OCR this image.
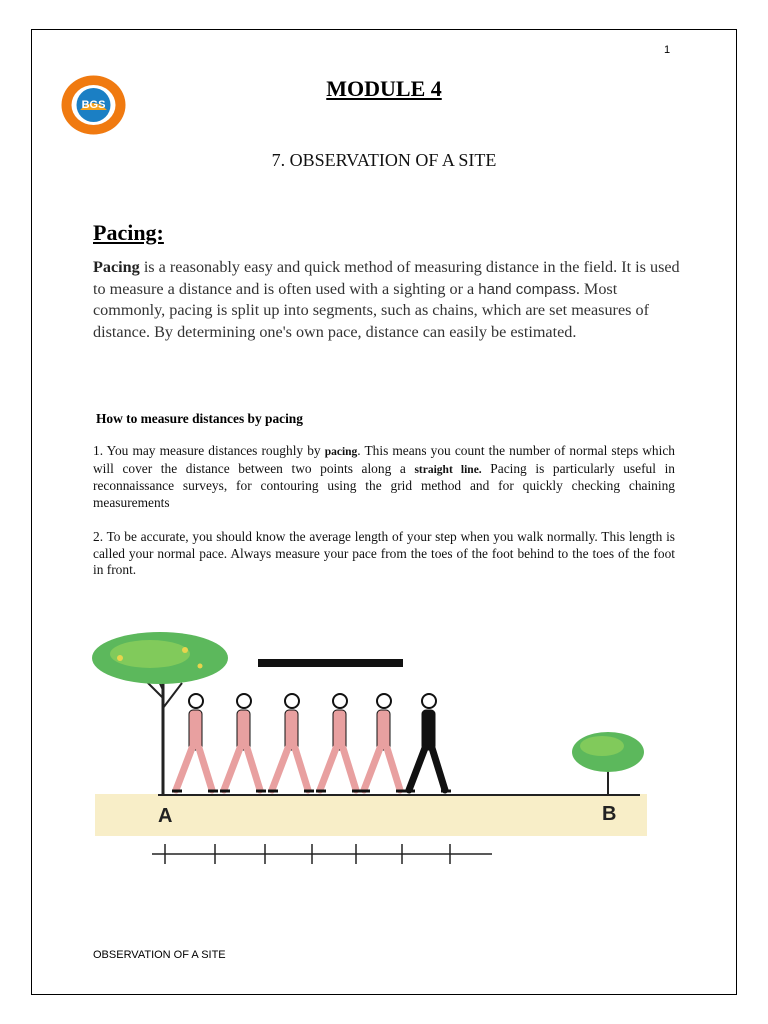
1
BGS
MODULE 4
7. OBSERVATION OF A SITE
Pacing:
Pacing is a reasonably easy and quick method of measuring distance in the field. It is used to measure a distance and is often used with a sighting or a hand compass. Most commonly, pacing is split up into segments, such as chains, which are set measures of distance. By determining one's own pace, distance can easily be estimated.
How to measure distances by pacing
1. You may measure distances roughly by pacing. This means you count the number of normal steps which will cover the distance between two points along a straight line. Pacing is particularly useful in reconnaissance surveys, for contouring using the grid method and for quickly checking chaining measurements
2. To be accurate, you should know the average length of your step when you walk normally. This length is called your normal pace. Always measure your pace from the toes of the foot behind to the toes of the foot in front.
A	B
OBSERVATION OF A SITE
